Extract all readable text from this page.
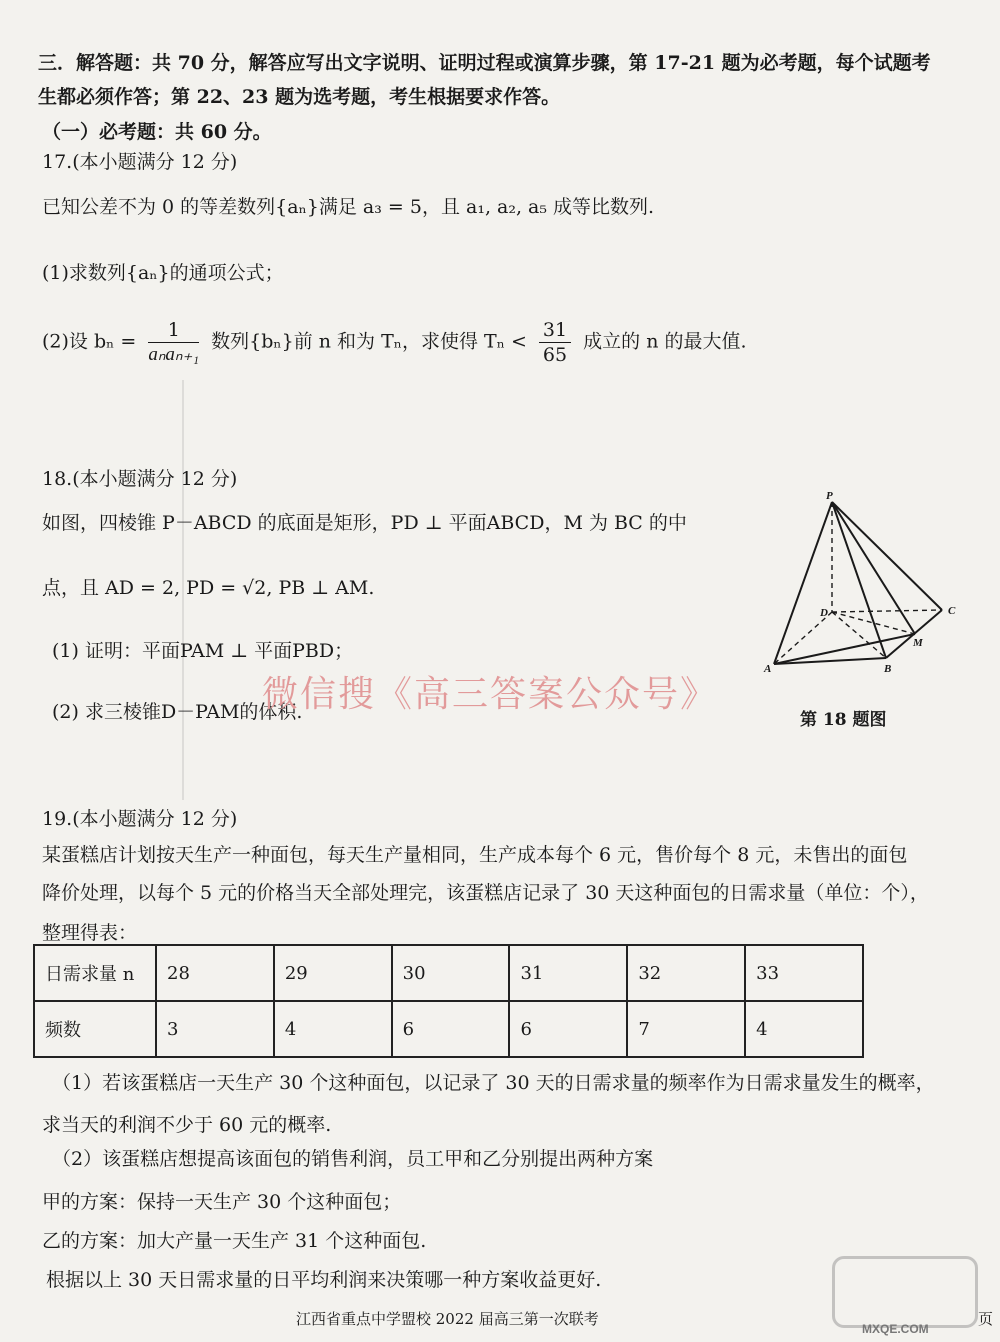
三．解答题：共 70 分，解答应写出文字说明、证明过程或演算步骤，第 17-21 题为必考题，每个试题考
生都必须作答；第 22、23 题为选考题，考生根据要求作答。
（一）必考题：共 60 分。
17.(本小题满分 12 分)
已知公差不为 0 的等差数列{aₙ}满足 a₃ = 5，且 a₁, a₂, a₅ 成等比数列.
(1)求数列{aₙ}的通项公式；
(2)设 $b_n = \frac{1}{\text{aₙaₙ₊₁}}$ 数列{bₙ}前 n 和为 Tₙ，求使得 $T_n < \frac{31}{65}$ 成立的 n 的最大值.
18.(本小题满分 12 分)
如图，四棱锥 P－ABCD 的底面是矩形，PD ⊥ 平面ABCD，M 为 BC 的中
点，且 AD = 2, PD = √2, PB ⊥ AM.
(1) 证明：平面PAM ⊥ 平面PBD；
(2) 求三棱锥D－PAM的体积.
微信搜《高三答案公众号》
P
D	C
M
B
A
第 18 题图
19.(本小题满分 12 分)
某蛋糕店计划按天生产一种面包，每天生产量相同，生产成本每个 6 元，售价每个 8 元，未售出的面包
降价处理，以每个 5 元的价格当天全部处理完，该蛋糕店记录了 30 天这种面包的日需求量（单位：个），
整理得表：
日需求量 n	28	29	30	31	32	33
频数	3	4	6	6	7	4
（1）若该蛋糕店一天生产 30 个这种面包，以记录了 30 天的日需求量的频率作为日需求量发生的概率，
求当天的利润不少于 60 元的概率.
（2）该蛋糕店想提高该面包的销售利润，员工甲和乙分别提出两种方案
甲的方案：保持一天生产 30 个这种面包；
乙的方案：加大产量一天生产 31 个这种面包.
根据以上 30 天日需求量的日平均利润来决策哪一种方案收益更好.
江西省重点中学盟校 2022 届高三第一次联考	页
MXQE.COM
